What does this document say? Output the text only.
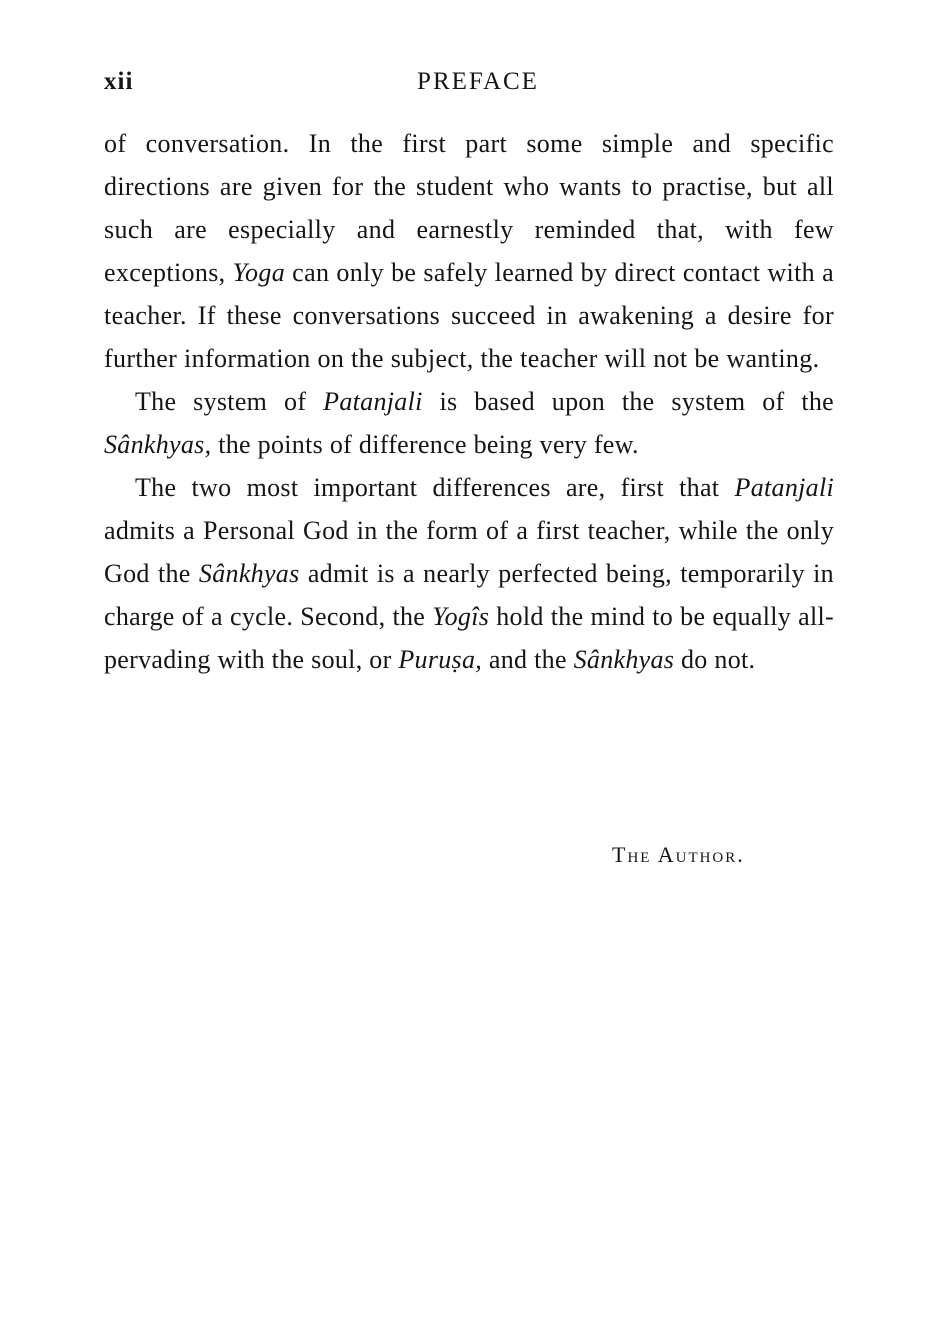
xii	PREFACE

of conversation. In the first part some simple and specific directions are given for the student who wants to practise, but all such are especially and earnestly reminded that, with few exceptions, Yoga can only be safely learned by direct contact with a teacher. If these conversations succeed in awakening a desire for further information on the subject, the teacher will not be wanting.

The system of Patanjali is based upon the system of the Sânkhyas, the points of difference being very few.

The two most important differences are, first that Patanjali admits a Personal God in the form of a first teacher, while the only God the Sânkhyas admit is a nearly perfected being, temporarily in charge of a cycle. Second, the Yogîs hold the mind to be equally all-pervading with the soul, or Puruṣa, and the Sânkhyas do not.

The Author.
